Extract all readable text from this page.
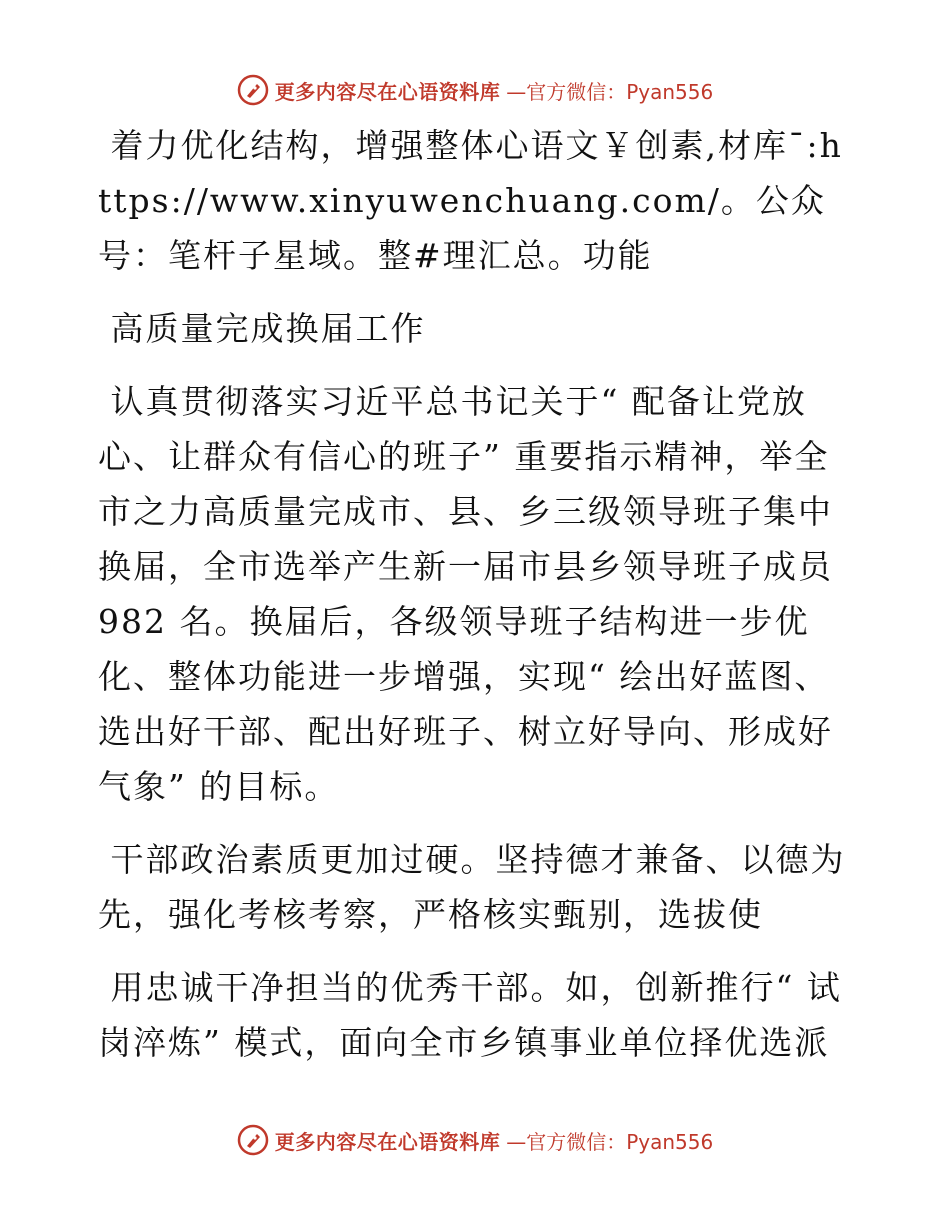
更多内容尽在心语资料库 —官方微信：Pyan556

着力优化结构，增强整体心语文￥创素,材库¯:https://www.xinyuwenchuang.com/。公众号：笔杆子星域。整#理汇总。功能

高质量完成换届工作

认真贯彻落实习近平总书记关于“ 配备让党放心、让群众有信心的班子” 重要指示精神，举全市之力高质量完成市、县、乡三级领导班子集中换届，全市选举产生新一届市县乡领导班子成员 982 名。换届后，各级领导班子结构进一步优化、整体功能进一步增强，实现“ 绘出好蓝图、选出好干部、配出好班子、树立好导向、形成好气象” 的目标。

干部政治素质更加过硬。坚持德才兼备、以德为先，强化考核考察，严格核实甄别，选拔使

用忠诚干净担当的优秀干部。如，创新推行“ 试岗淬炼” 模式，面向全市乡镇事业单位择优选派

更多内容尽在心语资料库 —官方微信：Pyan556
